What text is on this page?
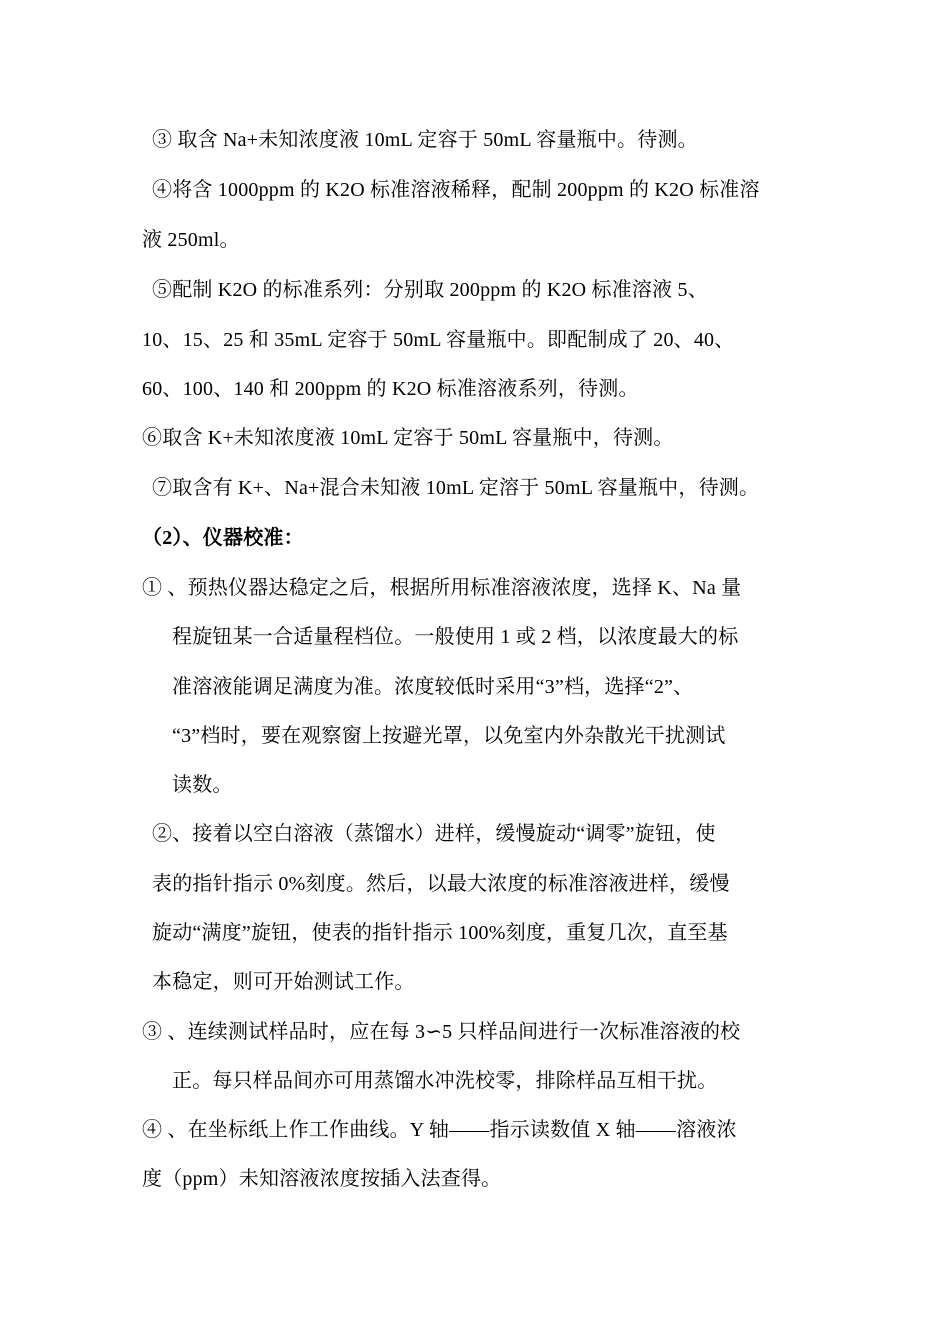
③ 取含 Na+未知浓度液 10mL 定容于 50mL 容量瓶中。待测。
④将含 1000ppm 的 K2O 标准溶液稀释，配制 200ppm 的 K2O 标准溶
液 250ml。
⑤配制 K2O 的标准系列：分别取 200ppm 的 K2O 标准溶液 5、
10、15、25 和 35mL 定容于 50mL 容量瓶中。即配制成了 20、40、
60、100、140 和 200ppm 的 K2O 标准溶液系列，待测。
⑥取含 K+未知浓度液 10mL 定容于 50mL 容量瓶中，待测。
⑦取含有 K+、Na+混合未知液 10mL 定溶于 50mL 容量瓶中，待测。
（2）、仪器校准：
① 、预热仪器达稳定之后，根据所用标准溶液浓度，选择 K、Na 量
程旋钮某一合适量程档位。一般使用 1 或 2 档，以浓度最大的标
准溶液能调足满度为准。浓度较低时采用“3”档，选择“2”、
“3”档时，要在观察窗上按避光罩，以免室内外杂散光干扰测试
读数。
②、接着以空白溶液（蒸馏水）进样，缓慢旋动“调零”旋钮，使
表的指针指示 0%刻度。然后，以最大浓度的标准溶液进样，缓慢
旋动“满度”旋钮，使表的指针指示 100%刻度，重复几次，直至基
本稳定，则可开始测试工作。
③ 、连续测试样品时，应在每 3∽5 只样品间进行一次标准溶液的校
正。每只样品间亦可用蒸馏水冲洗校零，排除样品互相干扰。
④ 、在坐标纸上作工作曲线。Y 轴——指示读数值 X 轴——溶液浓
度（ppm）未知溶液浓度按插入法查得。
